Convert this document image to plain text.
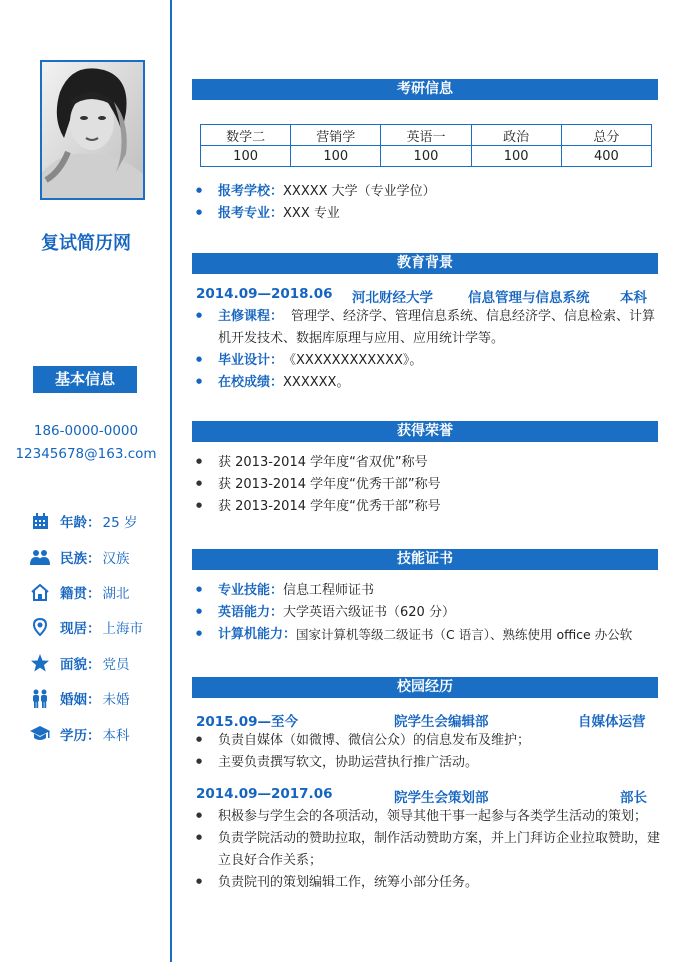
复试简历网
基本信息
186-0000-0000
12345678@163.com
年龄： 25 岁
民族： 汉族
籍贯： 湖北
现居： 上海市
面貌： 党员
婚姻： 未婚
学历： 本科
考研信息
数学二	营销学	英语一	政治	总分
100	100	100	100	400
●
报考学校： XXXXX 大学（专业学位）
●
报考专业： XXX 专业
教育背景
2014.09—2018.06 河北财经大学	信息管理与信息系统 本科
●
主修课程： 管理学、经济学、管理信息系统、信息经济学、信息检索、计算
机开发技术、数据库原理与应用、应用统计学等。
●
毕业设计： 《XXXXXXXXXXXX》。
●
在校成绩： XXXXXX。
获得荣誉
●
获 2013-2014 学年度“省双优”称号
●
获 2013-2014 学年度“优秀干部”称号
●
获 2013-2014 学年度“优秀干部”称号
技能证书
●
专业技能： 信息工程师证书
●
英语能力： 大学英语六级证书（620 分）
●
计算机能力： 国家计算机等级二级证书（C 语言）、熟练使用 office 办公软
校园经历
2015.09—至今	院学生会编辑部	自媒体运营
●
负责自媒体（如微博、微信公众）的信息发布及维护；
●
主要负责撰写软文，协助运营执行推广活动。
2014.09—2017.06	院学生会策划部	部长
●
积极参与学生会的各项活动，领导其他干事一起参与各类学生活动的策划；
●
负责学院活动的赞助拉取，制作活动赞助方案，并上门拜访企业拉取赞助，建
立良好合作关系；
●
负责院刊的策划编辑工作，统筹小部分任务。
